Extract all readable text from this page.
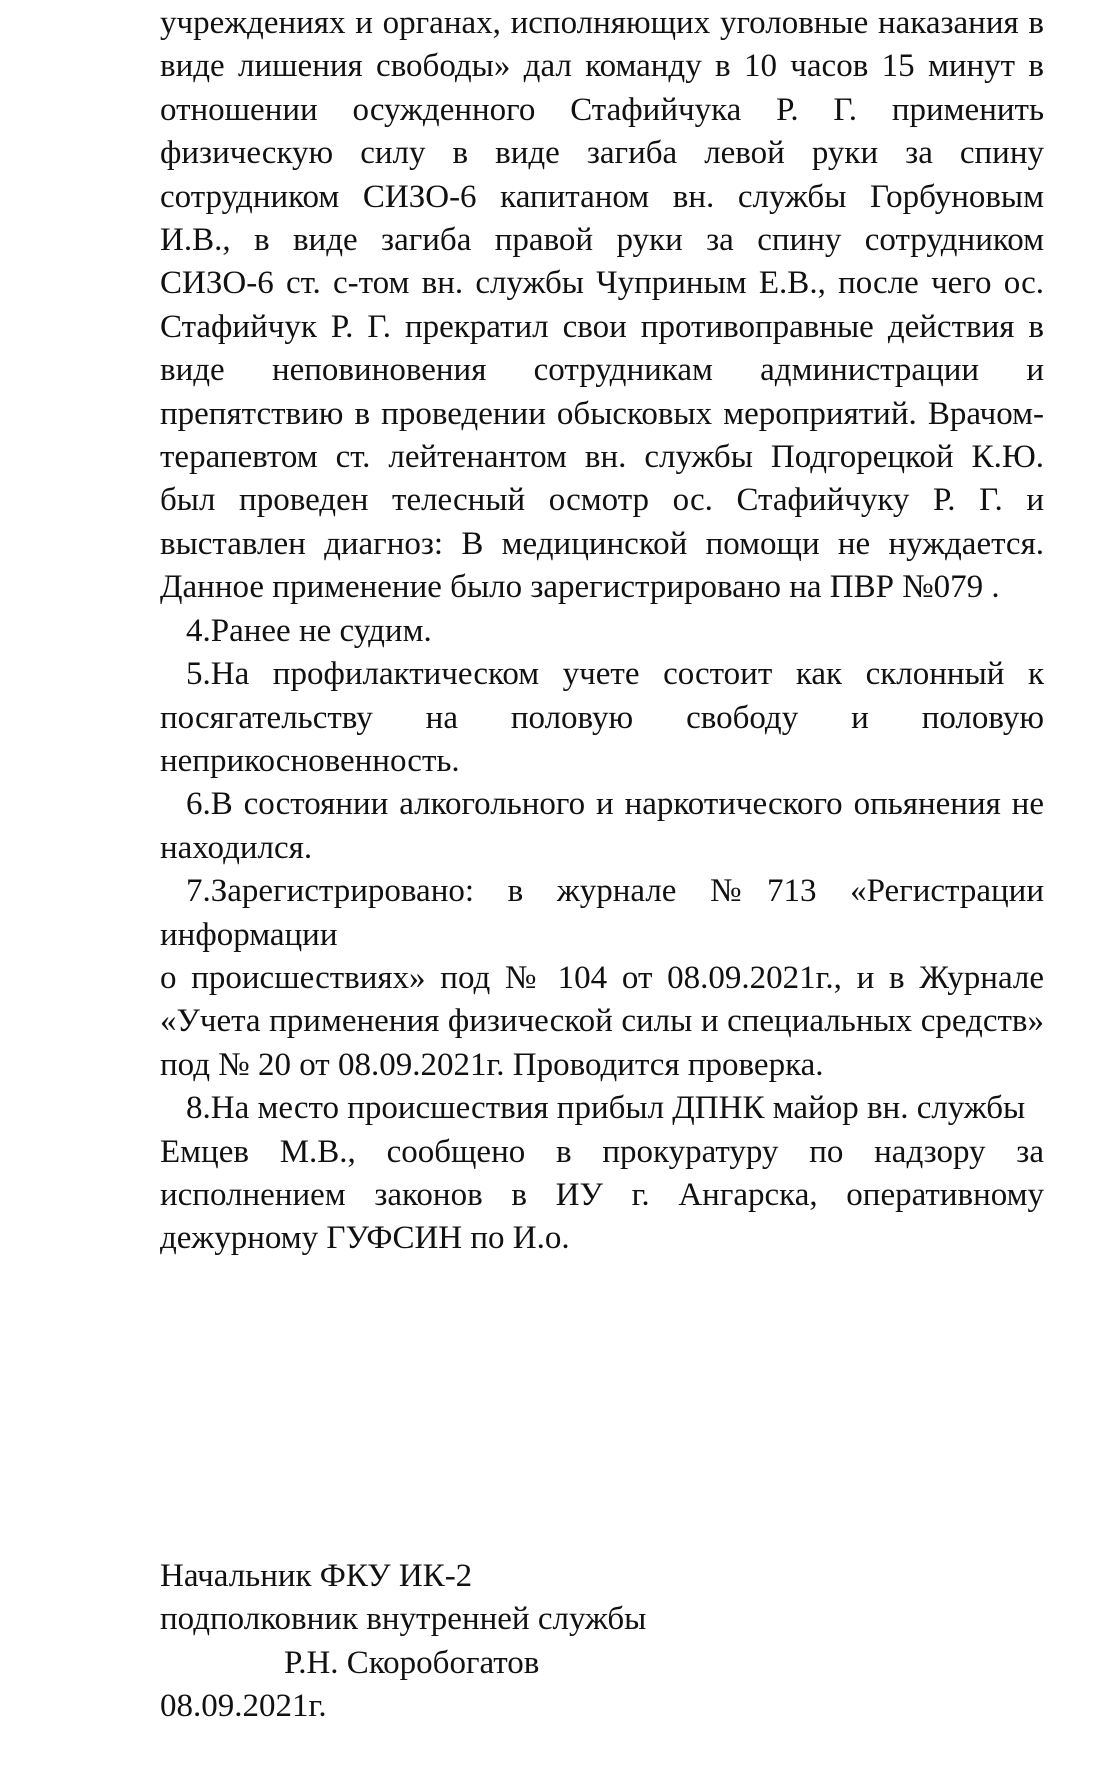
учреждениях и органах, исполняющих уголовные наказания в виде лишения свободы» дал команду в 10 часов 15 минут в отношении осужденного Стафийчука Р. Г. применить физическую силу в виде загиба левой руки за спину сотрудником СИЗО-6 капитаном вн. службы Горбуновым И.В., в виде загиба правой руки за спину сотрудником СИЗО-6 ст. с-том вн. службы Чуприным Е.В., после чего ос. Стафийчук Р. Г. прекратил свои противоправные действия в виде неповиновения сотрудникам администрации и препятствию в проведении обысковых мероприятий. Врачом-терапевтом ст. лейтенантом вн. службы Подгорецкой К.Ю. был проведен телесный осмотр ос. Стафийчуку Р. Г. и выставлен диагноз: В медицинской помощи не нуждается. Данное применение было зарегистрировано на ПВР №079 .

4.Ранее не судим.

5.На профилактическом учете состоит как склонный к посягательству на половую свободу и половую неприкосновенность.

6.В состоянии алкогольного и наркотического опьянения не находился.

7.Зарегистрировано: в журнале №713 «Регистрации информации

о происшествиях» под № 104 от 08.09.2021г., и в Журнале «Учета применения физической силы и специальных средств» под № 20 от 08.09.2021г. Проводится проверка.

8.На место происшествия прибыл ДПНК майор вн. службы

Емцев М.В., сообщено в прокуратуру по надзору за исполнением законов в ИУ г. Ангарска, оперативному дежурному ГУФСИН по И.о.

Начальник ФКУ ИК-2
подполковник внутренней службы
Р.Н. Скоробогатов
08.09.2021г.
